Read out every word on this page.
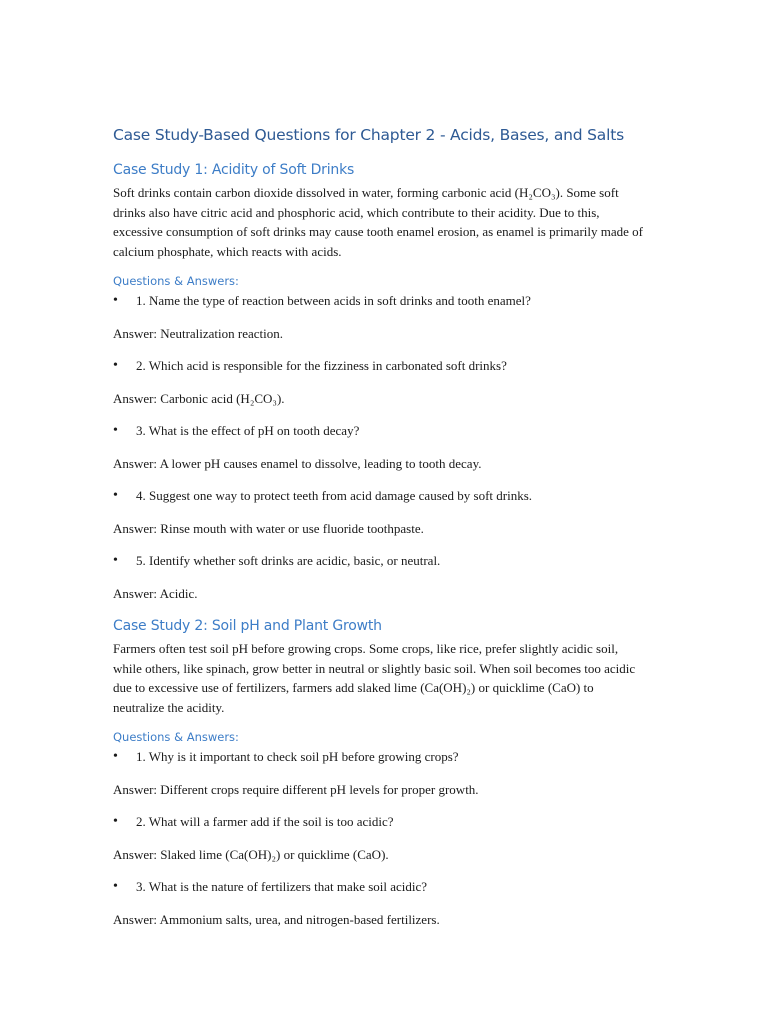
Case Study-Based Questions for Chapter 2 - Acids, Bases, and Salts
Case Study 1: Acidity of Soft Drinks

Soft drinks contain carbon dioxide dissolved in water, forming carbonic acid (H₂CO₃). Some soft drinks also have citric acid and phosphoric acid, which contribute to their acidity. Due to this, excessive consumption of soft drinks may cause tooth enamel erosion, as enamel is primarily made of calcium phosphate, which reacts with acids.

Questions & Answers:
•	1. Name the type of reaction between acids in soft drinks and tooth enamel?

Answer: Neutralization reaction.

•	2. Which acid is responsible for the fizziness in carbonated soft drinks?

Answer: Carbonic acid (H₂CO₃).

•	3. What is the effect of pH on tooth decay?

Answer: A lower pH causes enamel to dissolve, leading to tooth decay.

•	4. Suggest one way to protect teeth from acid damage caused by soft drinks.

Answer: Rinse mouth with water or use fluoride toothpaste.

•	5. Identify whether soft drinks are acidic, basic, or neutral.

Answer: Acidic.

Case Study 2: Soil pH and Plant Growth

Farmers often test soil pH before growing crops. Some crops, like rice, prefer slightly acidic soil, while others, like spinach, grow better in neutral or slightly basic soil. When soil becomes too acidic due to excessive use of fertilizers, farmers add slaked lime (Ca(OH)₂) or quicklime (CaO) to neutralize the acidity.

Questions & Answers:
•	1. Why is it important to check soil pH before growing crops?

Answer: Different crops require different pH levels for proper growth.

•	2. What will a farmer add if the soil is too acidic?

Answer: Slaked lime (Ca(OH)₂) or quicklime (CaO).

•	3. What is the nature of fertilizers that make soil acidic?

Answer: Ammonium salts, urea, and nitrogen-based fertilizers.
